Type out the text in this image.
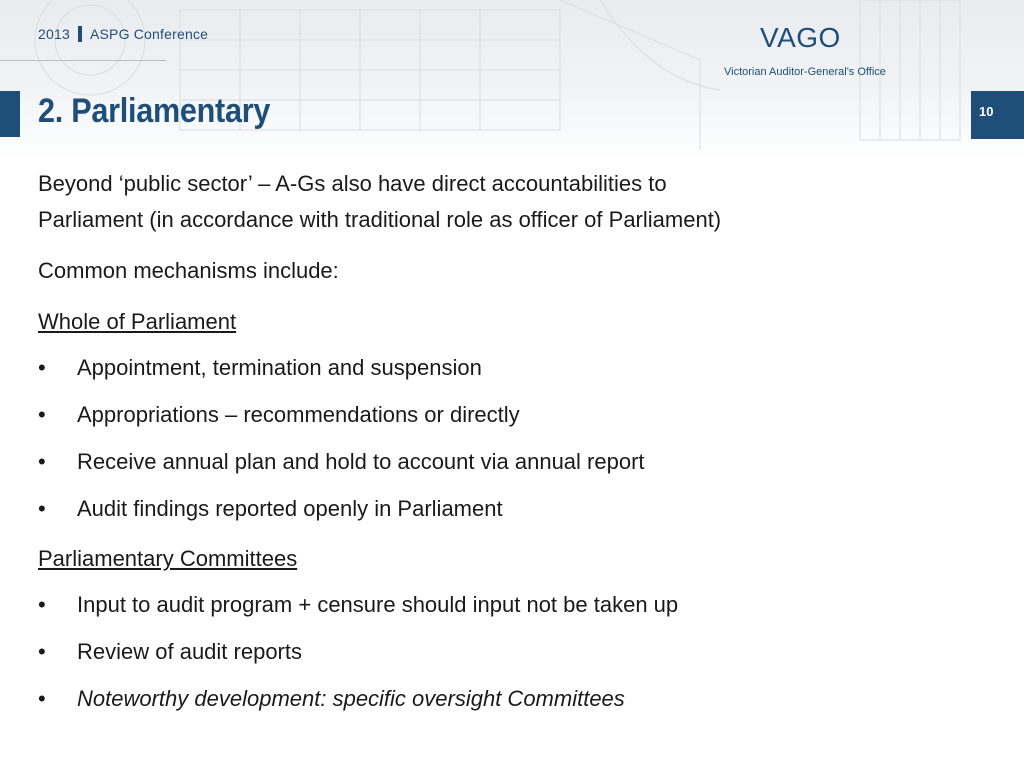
2013 ASPG Conference	VAGO
Victorian Auditor-General's Office
2. Parliamentary	10

Beyond ‘public sector’ – A-Gs also have direct accountabilities to
Parliament (in accordance with traditional role as officer of Parliament)

Common mechanisms include:

Whole of Parliament

• Appointment, termination and suspension
• Appropriations – recommendations or directly
• Receive annual plan and hold to account via annual report
• Audit findings reported openly in Parliament

Parliamentary Committees

• Input to audit program + censure should input not be taken up
• Review of audit reports
• Noteworthy development: specific oversight Committees
